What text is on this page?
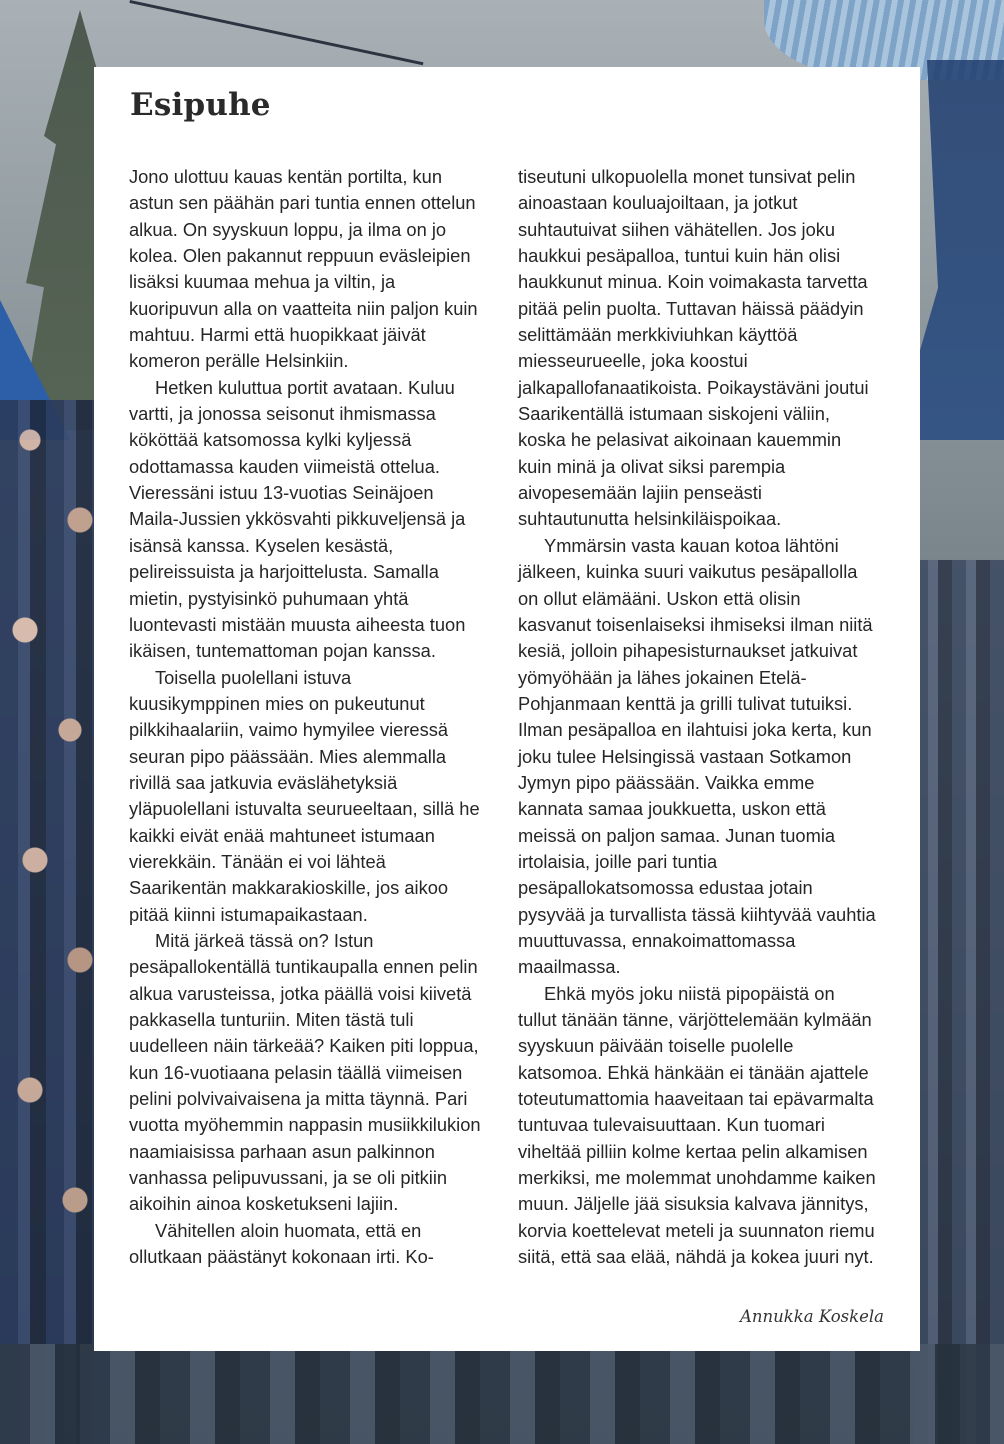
Esipuhe

Jono ulottuu kauas kentän portilta, kun astun sen päähän pari tuntia ennen ottelun alkua. On syyskuun loppu, ja ilma on jo kolea. Olen pakannut reppuun eväsleipien lisäksi kuumaa mehua ja viltin, ja kuoripuvun alla on vaatteita niin paljon kuin mahtuu. Harmi että huopikkaat jäivät komeron perälle Helsinkiin.

Hetken kuluttua portit avataan. Kuluu vartti, ja jonossa seisonut ihmismassa kököttää katsomossa kylki kyljessä odottamassa kauden viimeistä ottelua. Vieressäni istuu 13-vuotias Seinäjoen Maila-Jussien ykkösvahti pikkuveljensä ja isänsä kanssa. Kyselen kesästä, pelireissuista ja harjoittelusta. Samalla mietin, pystyisinkö puhumaan yhtä luontevasti mistään muusta aiheesta tuon ikäisen, tuntemattoman pojan kanssa.

Toisella puolellani istuva kuusikymppinen mies on pukeutunut pilkkihaalariin, vaimo hymyilee vieressä seuran pipo päässään. Mies alemmalla rivillä saa jatkuvia eväslähetyksiä yläpuolellani istuvalta seurueeltaan, sillä he kaikki eivät enää mahtuneet istumaan vierekkäin. Tänään ei voi lähteä Saarikentän makkarakioskille, jos aikoo pitää kiinni istumapaikastaan.

Mitä järkeä tässä on? Istun pesäpallokentällä tuntikaupalla ennen pelin alkua varusteissa, jotka päällä voisi kiivetä pakkasella tunturiin. Miten tästä tuli uudelleen näin tärkeää? Kaiken piti loppua, kun 16-vuotiaana pelasin täällä viimeisen pelini polvivaivaisena ja mitta täynnä. Pari vuotta myöhemmin nappasin musiikkilukion naamiaisissa parhaan asun palkinnon vanhassa pelipuvussani, ja se oli pitkiin aikoihin ainoa kosketukseni lajiin.

Vähitellen aloin huomata, että en ollutkaan päästänyt kokonaan irti. Ko-

tiseutuni ulkopuolella monet tunsivat pelin ainoastaan kouluajoiltaan, ja jotkut suhtautuivat siihen vähätellen. Jos joku haukkui pesäpalloa, tuntui kuin hän olisi haukkunut minua. Koin voimakasta tarvetta pitää pelin puolta. Tuttavan häissä päädyin selittämään merkkiviuhkan käyttöä miesseurueelle, joka koostui jalkapallofanaatikoista. Poikaystäväni joutui Saarikentällä istumaan siskojeni väliin, koska he pelasivat aikoinaan kauemmin kuin minä ja olivat siksi parempia aivopesemään lajiin penseästi suhtautunutta helsinkiläispoikaa.

Ymmärsin vasta kauan kotoa lähtöni jälkeen, kuinka suuri vaikutus pesäpallolla on ollut elämääni. Uskon että olisin kasvanut toisenlaiseksi ihmiseksi ilman niitä kesiä, jolloin pihapesisturnaukset jatkuivat yömyöhään ja lähes jokainen Etelä-Pohjanmaan kenttä ja grilli tulivat tutuiksi. Ilman pesäpalloa en ilahtuisi joka kerta, kun joku tulee Helsingissä vastaan Sotkamon Jymyn pipo päässään. Vaikka emme kannata samaa joukkuetta, uskon että meissä on paljon samaa. Junan tuomia irtolaisia, joille pari tuntia pesäpallokatsomossa edustaa jotain pysyvää ja turvallista tässä kiihtyvää vauhtia muuttuvassa, ennakoimattomassa maailmassa.

Ehkä myös joku niistä pipopäistä on tullut tänään tänne, värjöttelemään kylmään syyskuun päivään toiselle puolelle katsomoa. Ehkä hänkään ei tänään ajattele toteutumattomia haaveitaan tai epävarmalta tuntuvaa tulevaisuuttaan. Kun tuomari viheltää pilliin kolme kertaa pelin alkamisen merkiksi, me molemmat unohdamme kaiken muun. Jäljelle jää sisuksia kalvava jännitys, korvia koettelevat meteli ja suunnaton riemu siitä, että saa elää, nähdä ja kokea juuri nyt.

Annukka Koskela
